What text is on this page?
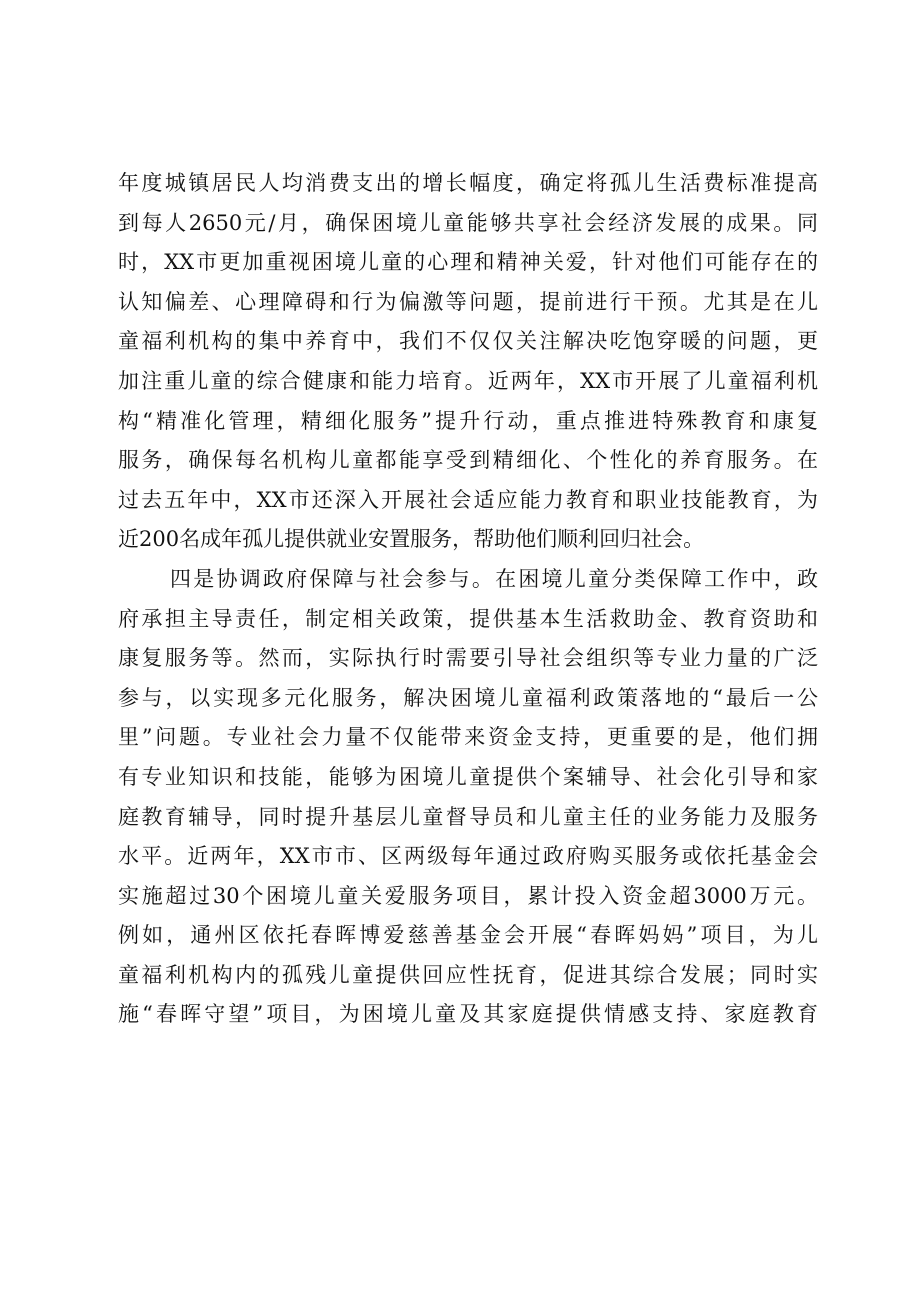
年度城镇居民人均消费支出的增长幅度，确定将孤儿生活费标准提高
到每人2650元/月，确保困境儿童能够共享社会经济发展的成果。同
时，XX市更加重视困境儿童的心理和精神关爱，针对他们可能存在的
认知偏差、心理障碍和行为偏激等问题，提前进行干预。尤其是在儿
童福利机构的集中养育中，我们不仅仅关注解决吃饱穿暖的问题，更
加注重儿童的综合健康和能力培育。近两年，XX市开展了儿童福利机
构“精准化管理，精细化服务”提升行动，重点推进特殊教育和康复
服务，确保每名机构儿童都能享受到精细化、个性化的养育服务。在
过去五年中，XX市还深入开展社会适应能力教育和职业技能教育，为
近200名成年孤儿提供就业安置服务，帮助他们顺利回归社会。
四是协调政府保障与社会参与。在困境儿童分类保障工作中，政
府承担主导责任，制定相关政策，提供基本生活救助金、教育资助和
康复服务等。然而，实际执行时需要引导社会组织等专业力量的广泛
参与，以实现多元化服务，解决困境儿童福利政策落地的“最后一公
里”问题。专业社会力量不仅能带来资金支持，更重要的是，他们拥
有专业知识和技能，能够为困境儿童提供个案辅导、社会化引导和家
庭教育辅导，同时提升基层儿童督导员和儿童主任的业务能力及服务
水平。近两年，XX市市、区两级每年通过政府购买服务或依托基金会
实施超过30个困境儿童关爱服务项目，累计投入资金超3000万元。
例如，通州区依托春晖博爱慈善基金会开展“春晖妈妈”项目，为儿
童福利机构内的孤残儿童提供回应性抚育，促进其综合发展；同时实
施“春晖守望”项目，为困境儿童及其家庭提供情感支持、家庭教育
